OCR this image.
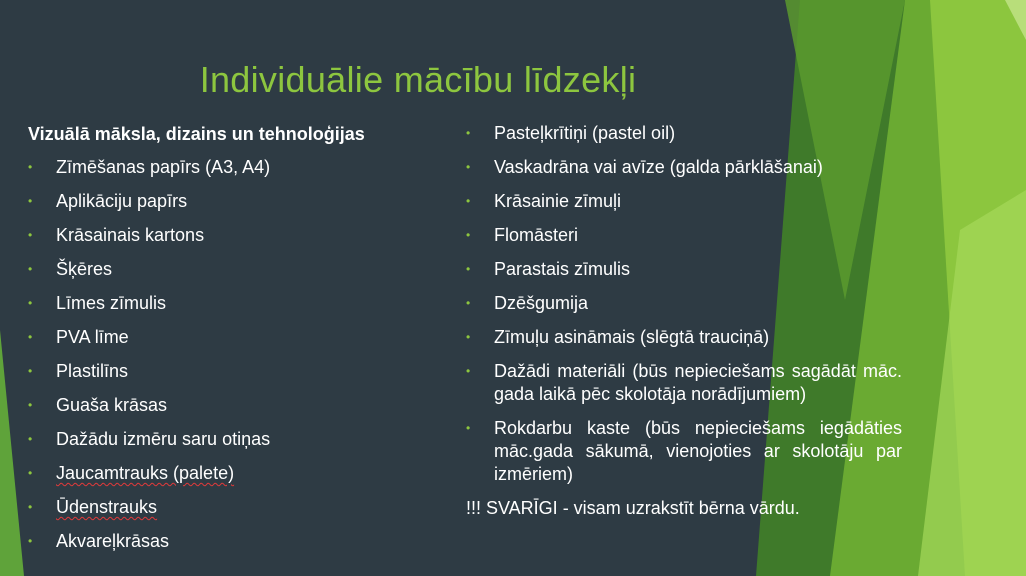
Individuālie mācību līdzekļi
Vizuālā māksla, dizains un tehnoloģijas
• Zīmēšanas papīrs (A3, A4)
• Aplikāciju papīrs
• Krāsainais kartons
• Šķēres
• Līmes zīmulis
• PVA līme
• Plastilīns
• Guaša krāsas
• Dažādu izmēru saru otiņas
• Jaucamtrauks (palete)
• Ūdenstrauks
• Akvareļkrāsas
• Pasteļkrītiņi (pastel oil)
• Vaskadrāna vai avīze (galda pārklāšanai)
• Krāsainie zīmuļi
• Flomāsteri
• Parastais zīmulis
• Dzēšgumija
• Zīmuļu asināmais (slēgtā trauciņā)
• Dažādi materiāli (būs nepieciešams sagādāt māc. gada laikā pēc skolotāja norādījumiem)
• Rokdarbu kaste (būs nepieciešams iegādāties māc.gada sākumā, vienojoties ar skolotāju par izmēriem)
!!! SVARĪGI - visam uzrakstīt bērna vārdu.
